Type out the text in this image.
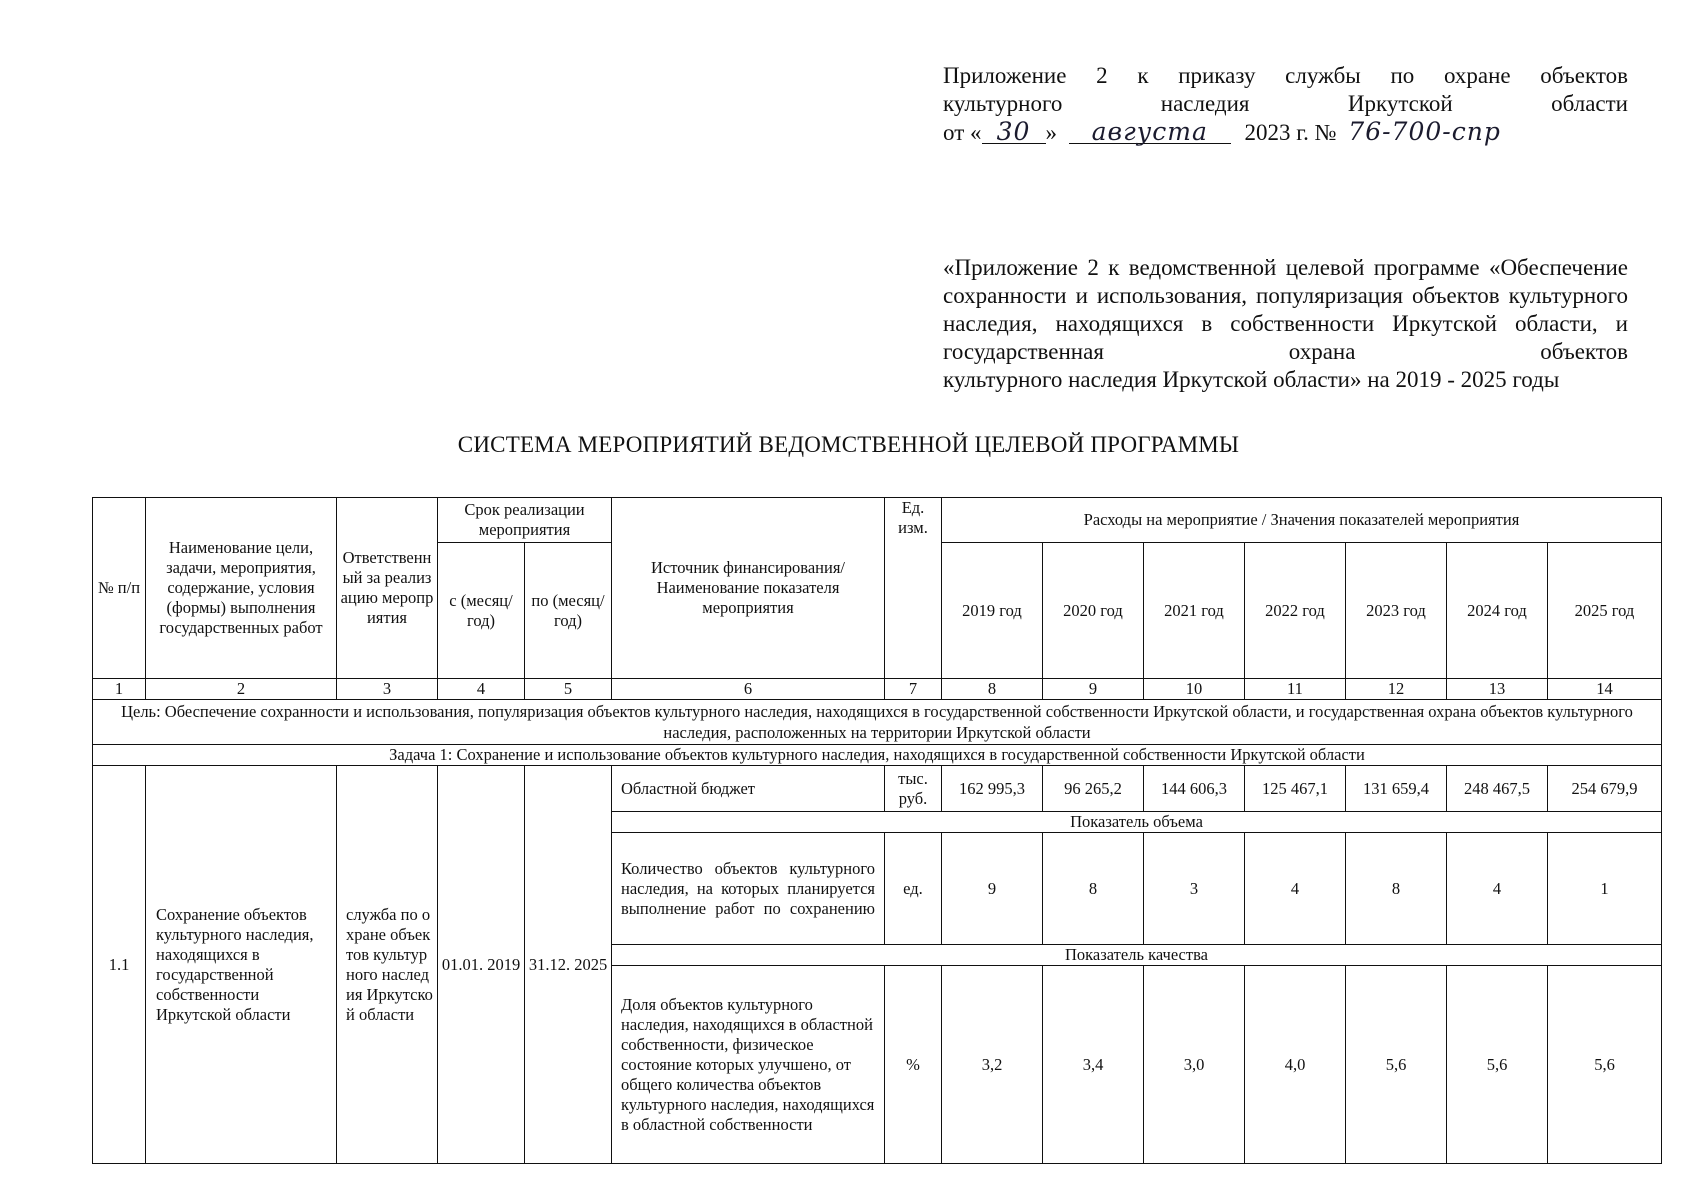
Приложение 2 к приказу службы по охране объектов
культурного наследия Иркутской области
от « 30 » августа 2023 г. № 76-700-спр
«Приложение 2 к ведомственной целевой программе «Обеспечение сохранности и использования, популяризация объектов культурного наследия, находящихся в собственности Иркутской области, и государственная охрана объектов
культурного наследия Иркутской области» на 2019 - 2025 годы
СИСТЕМА МЕРОПРИЯТИЙ ВЕДОМСТВЕННОЙ ЦЕЛЕВОЙ ПРОГРАММЫ
№ п/п	Наименование цели, задачи, мероприятия, содержание, условия (формы) выполнения государственных работ	Ответственный за реализацию мероприятия	Срок реализации мероприятия		Источник финансирования/ Наименование показателя мероприятия	Ед. изм.	Расходы на мероприятие / Значения показателей мероприятия						
			с (месяц/ год)	по (месяц/ год)			2019 год	2020 год	2021 год	2022 год	2023 год	2024 год	2025 год
1	2	3	4	5	6	7	8	9	10	11	12	13	14
Цель: Обеспечение сохранности и использования, популяризация объектов культурного наследия, находящихся в государственной собственности Иркутской области, и государственная охрана объектов культурного наследия, расположенных на территории Иркутской области													
Задача 1: Сохранение и использование объектов культурного наследия, находящихся в государственной собственности Иркутской области													
1.1	Сохранение объектов культурного наследия, находящихся в государственной собственности Иркутской области	служба по охране объектов культурного наследия Иркутской области	01.01. 2019	31.12. 2025	Областной бюджет	тыс. руб.	162 995,3	96 265,2	144 606,3	125 467,1	131 659,4	248 467,5	254 679,9
					Показатель объема								
					Количество объектов культурного наследия, на которых планируется выполнение работ по сохранению	ед.	9	8	3	4	8	4	1
					Показатель качества								
					Доля объектов культурного наследия, находящихся в областной собственности, физическое состояние которых улучшено, от общего количества объектов культурного наследия, находящихся в областной собственности	%	3,2	3,4	3,0	4,0	5,6	5,6	5,6
